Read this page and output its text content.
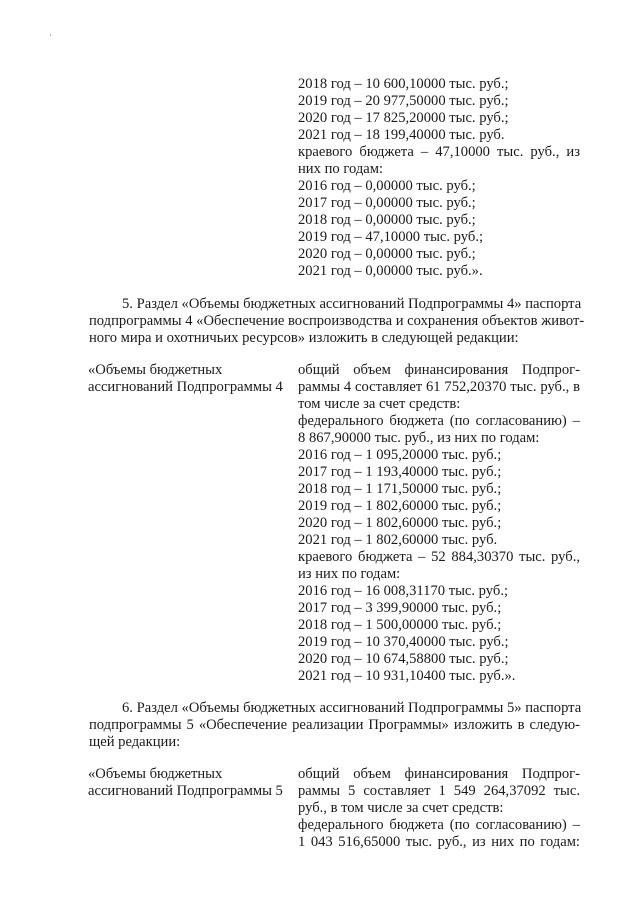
·
2018 год – 10 600,10000 тыс. руб.;
2019 год – 20 977,50000 тыс. руб.;
2020 год – 17 825,20000 тыс. руб.;
2021 год – 18 199,40000 тыс. руб.
краевого бюджета – 47,10000 тыс. руб., из
них по годам:
2016 год – 0,00000 тыс. руб.;
2017 год – 0,00000 тыс. руб.;
2018 год – 0,00000 тыс. руб.;
2019 год – 47,10000 тыс. руб.;
2020 год – 0,00000 тыс. руб.;
2021 год – 0,00000 тыс. руб.».
5. Раздел «Объемы бюджетных ассигнований Подпрограммы 4» паспорта
подпрограммы 4 «Обеспечение воспроизводства и сохранения объектов живот-
ного мира и охотничьих ресурсов» изложить в следующей редакции:
«Объемы бюджетных
ассигнований Подпрограммы 4
общий объем финансирования Подпрог-
раммы 4 составляет 61 752,20370 тыс. руб., в
том числе за счет средств:
федерального бюджета (по согласованию) –
8 867,90000 тыс. руб., из них по годам:
2016 год – 1 095,20000 тыс. руб.;
2017 год – 1 193,40000 тыс. руб.;
2018 год – 1 171,50000 тыс. руб.;
2019 год – 1 802,60000 тыс. руб.;
2020 год – 1 802,60000 тыс. руб.;
2021 год – 1 802,60000 тыс. руб.
краевого бюджета – 52 884,30370 тыс. руб.,
из них по годам:
2016 год – 16 008,31170 тыс. руб.;
2017 год – 3 399,90000 тыс. руб.;
2018 год – 1 500,00000 тыс. руб.;
2019 год – 10 370,40000 тыс. руб.;
2020 год – 10 674,58800 тыс. руб.;
2021 год – 10 931,10400 тыс. руб.».
6. Раздел «Объемы бюджетных ассигнований Подпрограммы 5» паспорта
подпрограммы 5 «Обеспечение реализации Программы» изложить в следую-
щей редакции:
«Объемы бюджетных
ассигнований Подпрограммы 5
общий объем финансирования Подпрог-
раммы 5 составляет 1 549 264,37092 тыс.
руб., в том числе за счет средств:
федерального бюджета (по согласованию) –
1 043 516,65000 тыс. руб., из них по годам:
